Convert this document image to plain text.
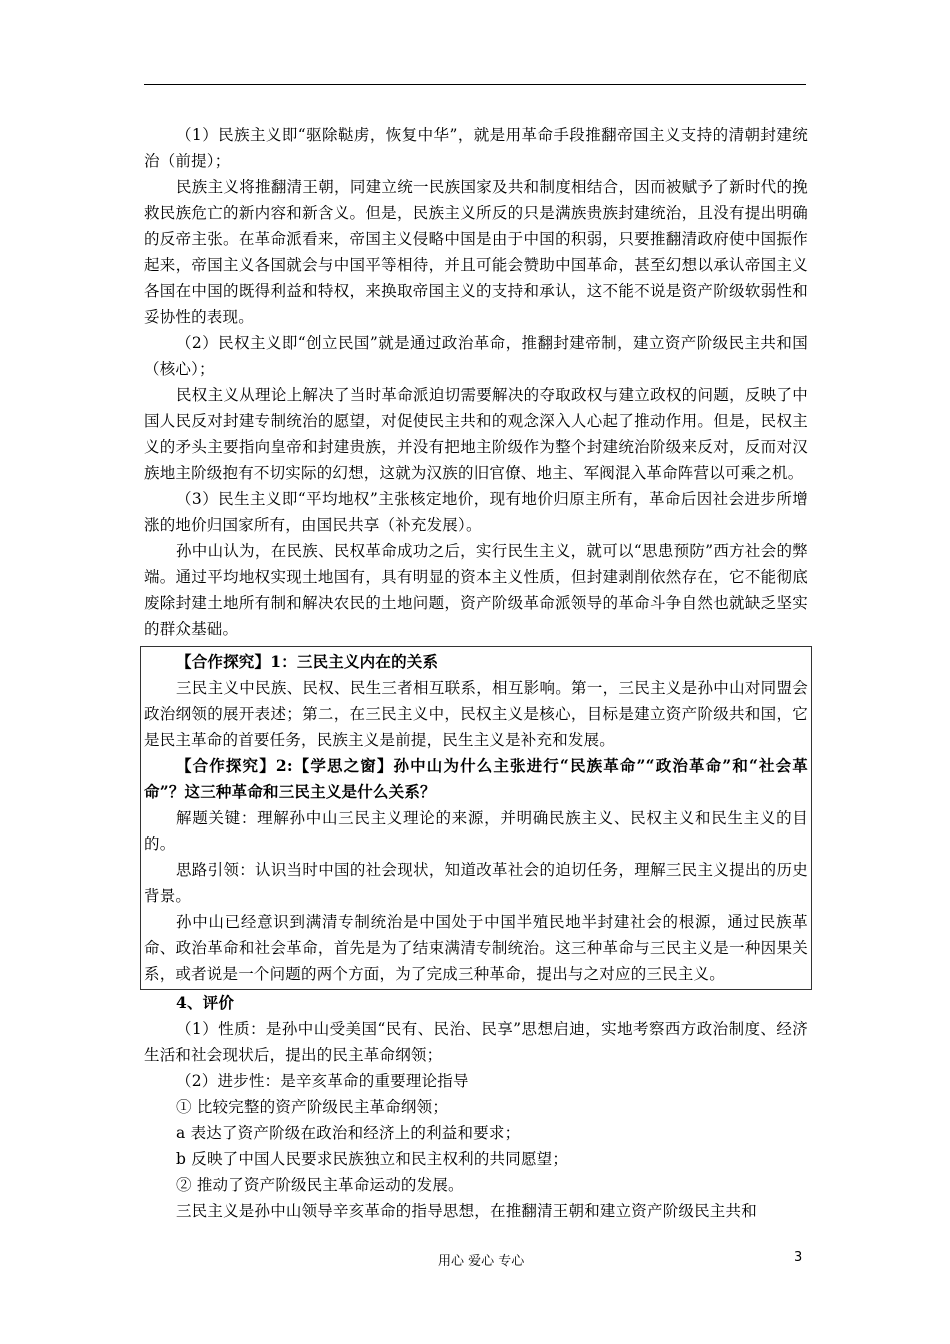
（1）民族主义即“驱除鞑虏，恢复中华”，就是用革命手段推翻帝国主义支持的清朝封建统治（前提）；

民族主义将推翻清王朝，同建立统一民族国家及共和制度相结合，因而被赋予了新时代的挽救民族危亡的新内容和新含义。但是，民族主义所反的只是满族贵族封建统治，且没有提出明确的反帝主张。在革命派看来，帝国主义侵略中国是由于中国的积弱，只要推翻清政府使中国振作起来，帝国主义各国就会与中国平等相待，并且可能会赞助中国革命，甚至幻想以承认帝国主义各国在中国的既得利益和特权，来换取帝国主义的支持和承认，这不能不说是资产阶级软弱性和妥协性的表现。

（2）民权主义即“创立民国”就是通过政治革命，推翻封建帝制，建立资产阶级民主共和国（核心）；

民权主义从理论上解决了当时革命派迫切需要解决的夺取政权与建立政权的问题，反映了中国人民反对封建专制统治的愿望，对促使民主共和的观念深入人心起了推动作用。但是，民权主义的矛头主要指向皇帝和封建贵族，并没有把地主阶级作为整个封建统治阶级来反对，反而对汉族地主阶级抱有不切实际的幻想，这就为汉族的旧官僚、地主、军阀混入革命阵营以可乘之机。

（3）民生主义即“平均地权”主张核定地价，现有地价归原主所有，革命后因社会进步所增涨的地价归国家所有，由国民共享（补充发展）。

孙中山认为，在民族、民权革命成功之后，实行民生主义，就可以“思患预防”西方社会的弊端。通过平均地权实现土地国有，具有明显的资本主义性质，但封建剥削依然存在，它不能彻底废除封建土地所有制和解决农民的土地问题，资产阶级革命派领导的革命斗争自然也就缺乏坚实的群众基础。

【合作探究】1：三民主义内在的关系

三民主义中民族、民权、民生三者相互联系，相互影响。第一，三民主义是孙中山对同盟会政治纲领的展开表述；第二，在三民主义中，民权主义是核心，目标是建立资产阶级共和国，它是民主革命的首要任务，民族主义是前提，民生主义是补充和发展。

【合作探究】2:【学思之窗】孙中山为什么主张进行“民族革命”“政治革命”和“社会革命”？这三种革命和三民主义是什么关系？

解题关键：理解孙中山三民主义理论的来源，并明确民族主义、民权主义和民生主义的目的。

思路引领：认识当时中国的社会现状，知道改革社会的迫切任务，理解三民主义提出的历史背景。

孙中山已经意识到满清专制统治是中国处于中国半殖民地半封建社会的根源，通过民族革命、政治革命和社会革命，首先是为了结束满清专制统治。这三种革命与三民主义是一种因果关系，或者说是一个问题的两个方面，为了完成三种革命，提出与之对应的三民主义。

4、评价

（1）性质：是孙中山受美国“民有、民治、民享”思想启迪，实地考察西方政治制度、经济生活和社会现状后，提出的民主革命纲领；

（2）进步性：是辛亥革命的重要理论指导

① 比较完整的资产阶级民主革命纲领；

a 表达了资产阶级在政治和经济上的利益和要求；

b 反映了中国人民要求民族独立和民主权利的共同愿望；

② 推动了资产阶级民主革命运动的发展。

三民主义是孙中山领导辛亥革命的指导思想，在推翻清王朝和建立资产阶级民主共和

用心 爱心 专心	3
